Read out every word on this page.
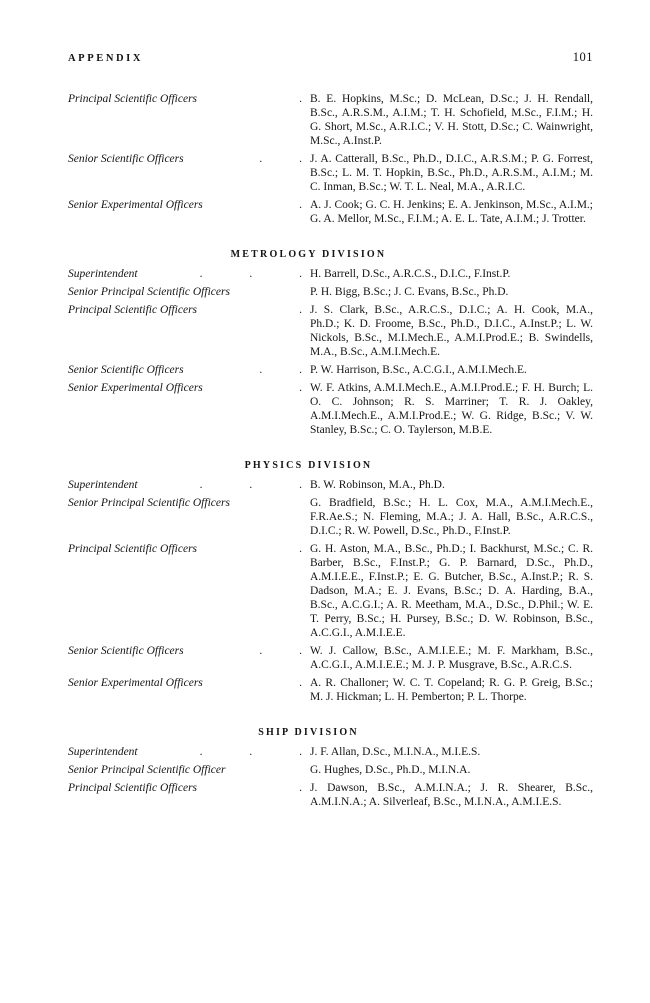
APPENDIX	101
Principal Scientific Officers	. B. E. Hopkins, M.Sc.; D. McLean, D.Sc.; J. H. Rendall, B.Sc., A.R.S.M., A.I.M.; T. H. Schofield, M.Sc., F.I.M.; H. G. Short, M.Sc., A.R.I.C.; V. H. Stott, D.Sc.; C. Wainwright, M.Sc., A.Inst.P.
Senior Scientific Officers	. . J. A. Catterall, B.Sc., Ph.D., D.I.C., A.R.S.M.; P. G. Forrest, B.Sc.; L. M. T. Hopkin, B.Sc., Ph.D., A.R.S.M., A.I.M.; M. C. Inman, B.Sc.; W. T. L. Neal, M.A., A.R.I.C.
Senior Experimental Officers	. A. J. Cook; G. C. H. Jenkins; E. A. Jenkinson, M.Sc., A.I.M.; G. A. Mellor, M.Sc., F.I.M.; A. E. L. Tate, A.I.M.; J. Trotter.
METROLOGY DIVISION
Superintendent	. . . H. Barrell, D.Sc., A.R.C.S., D.I.C., F.Inst.P.
Senior Principal Scientific Officers	P. H. Bigg, B.Sc.; J. C. Evans, B.Sc., Ph.D.
Principal Scientific Officers	. J. S. Clark, B.Sc., A.R.C.S., D.I.C.; A. H. Cook, M.A., Ph.D.; K. D. Froome, B.Sc., Ph.D., D.I.C., A.Inst.P.; L. W. Nickols, B.Sc., M.I.Mech.E., A.M.I.Prod.E.; B. Swindells, M.A., B.Sc., A.M.I.Mech.E.
Senior Scientific Officers	. . P. W. Harrison, B.Sc., A.C.G.I., A.M.I.Mech.E.
Senior Experimental Officers	. W. F. Atkins, A.M.I.Mech.E., A.M.I.Prod.E.; F. H. Burch; L. O. C. Johnson; R. S. Marriner; T. R. J. Oakley, A.M.I.Mech.E., A.M.I.Prod.E.; W. G. Ridge, B.Sc.; V. W. Stanley, B.Sc.; C. O. Taylerson, M.B.E.
PHYSICS DIVISION
Superintendent	. . . B. W. Robinson, M.A., Ph.D.
Senior Principal Scientific Officers	G. Bradfield, B.Sc.; H. L. Cox, M.A., A.M.I.Mech.E., F.R.Ae.S.; N. Fleming, M.A.; J. A. Hall, B.Sc., A.R.C.S., D.I.C.; R. W. Powell, D.Sc., Ph.D., F.Inst.P.
Principal Scientific Officers	. G. H. Aston, M.A., B.Sc., Ph.D.; I. Backhurst, M.Sc.; C. R. Barber, B.Sc., F.Inst.P.; G. P. Barnard, D.Sc., Ph.D., A.M.I.E.E., F.Inst.P.; E. G. Butcher, B.Sc., A.Inst.P.; R. S. Dadson, M.A.; E. J. Evans, B.Sc.; D. A. Harding, B.A., B.Sc., A.C.G.I.; A. R. Meetham, M.A., D.Sc., D.Phil.; W. E. T. Perry, B.Sc.; H. Pursey, B.Sc.; D. W. Robinson, B.Sc., A.C.G.I., A.M.I.E.E.
Senior Scientific Officers	. . W. J. Callow, B.Sc., A.M.I.E.E.; M. F. Markham, B.Sc., A.C.G.I., A.M.I.E.E.; M. J. P. Musgrave, B.Sc., A.R.C.S.
Senior Experimental Officers	. A. R. Challoner; W. C. T. Copeland; R. G. P. Greig, B.Sc.; M. J. Hickman; L. H. Pemberton; P. L. Thorpe.
SHIP DIVISION
Superintendent	. . . J. F. Allan, D.Sc., M.I.N.A., M.I.E.S.
Senior Principal Scientific Officer	G. Hughes, D.Sc., Ph.D., M.I.N.A.
Principal Scientific Officers	. J. Dawson, B.Sc., A.M.I.N.A.; J. R. Shearer, B.Sc., A.M.I.N.A.; A. Silverleaf, B.Sc., M.I.N.A., A.M.I.E.S.
